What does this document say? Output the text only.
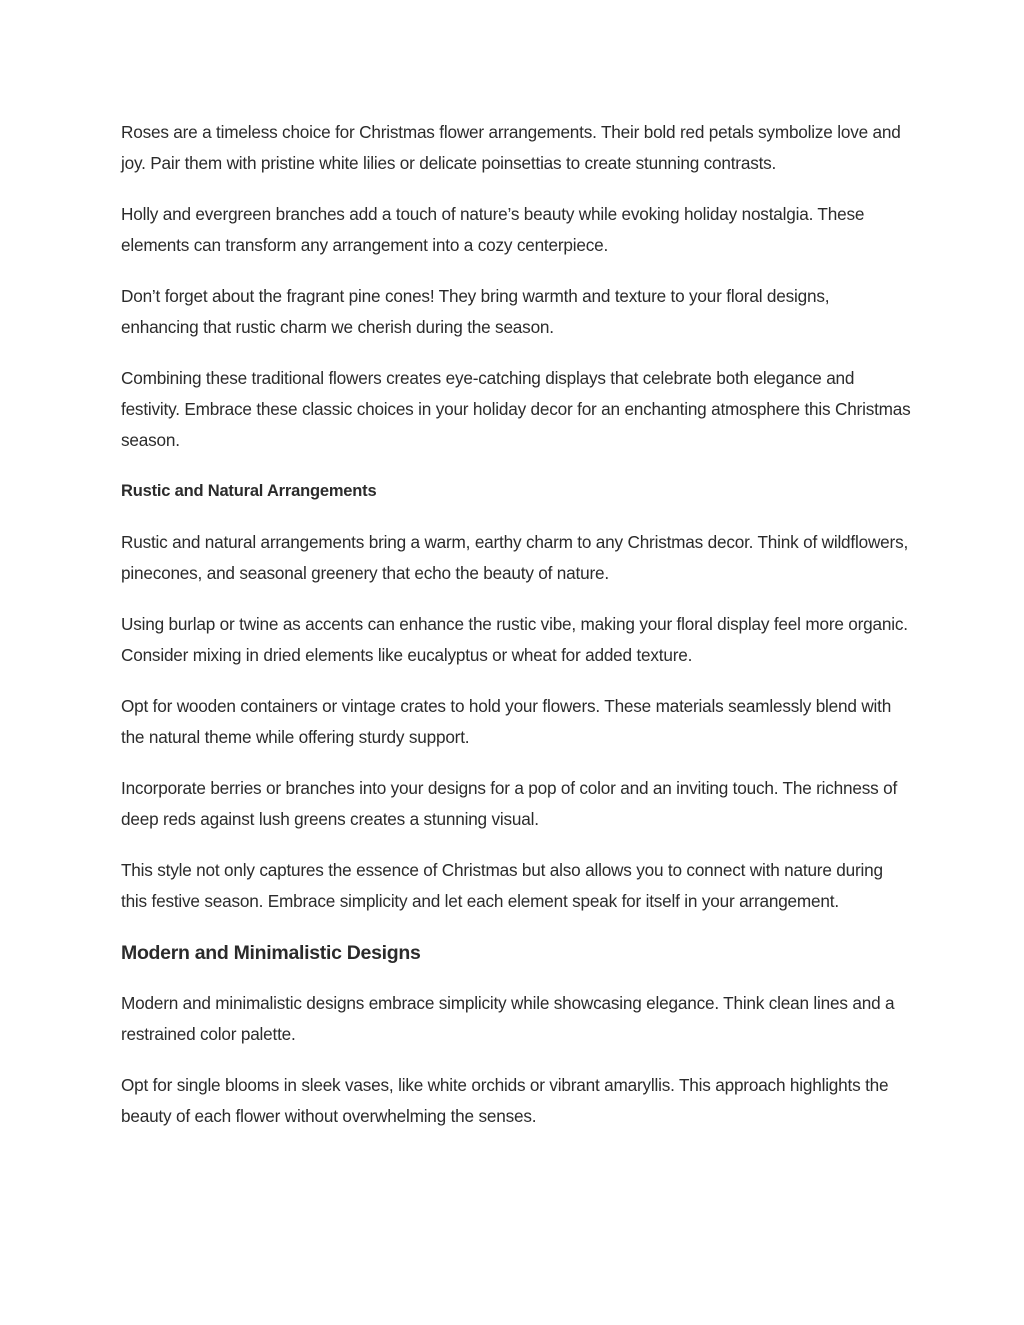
Roses are a timeless choice for Christmas flower arrangements. Their bold red petals symbolize love and joy. Pair them with pristine white lilies or delicate poinsettias to create stunning contrasts.

Holly and evergreen branches add a touch of nature’s beauty while evoking holiday nostalgia. These elements can transform any arrangement into a cozy centerpiece.

Don’t forget about the fragrant pine cones! They bring warmth and texture to your floral designs, enhancing that rustic charm we cherish during the season.

Combining these traditional flowers creates eye-catching displays that celebrate both elegance and festivity. Embrace these classic choices in your holiday decor for an enchanting atmosphere this Christmas season.

Rustic and Natural Arrangements

Rustic and natural arrangements bring a warm, earthy charm to any Christmas decor. Think of wildflowers, pinecones, and seasonal greenery that echo the beauty of nature.

Using burlap or twine as accents can enhance the rustic vibe, making your floral display feel more organic. Consider mixing in dried elements like eucalyptus or wheat for added texture.

Opt for wooden containers or vintage crates to hold your flowers. These materials seamlessly blend with the natural theme while offering sturdy support.

Incorporate berries or branches into your designs for a pop of color and an inviting touch. The richness of deep reds against lush greens creates a stunning visual.

This style not only captures the essence of Christmas but also allows you to connect with nature during this festive season. Embrace simplicity and let each element speak for itself in your arrangement.

Modern and Minimalistic Designs

Modern and minimalistic designs embrace simplicity while showcasing elegance. Think clean lines and a restrained color palette.

Opt for single blooms in sleek vases, like white orchids or vibrant amaryllis. This approach highlights the beauty of each flower without overwhelming the senses.
